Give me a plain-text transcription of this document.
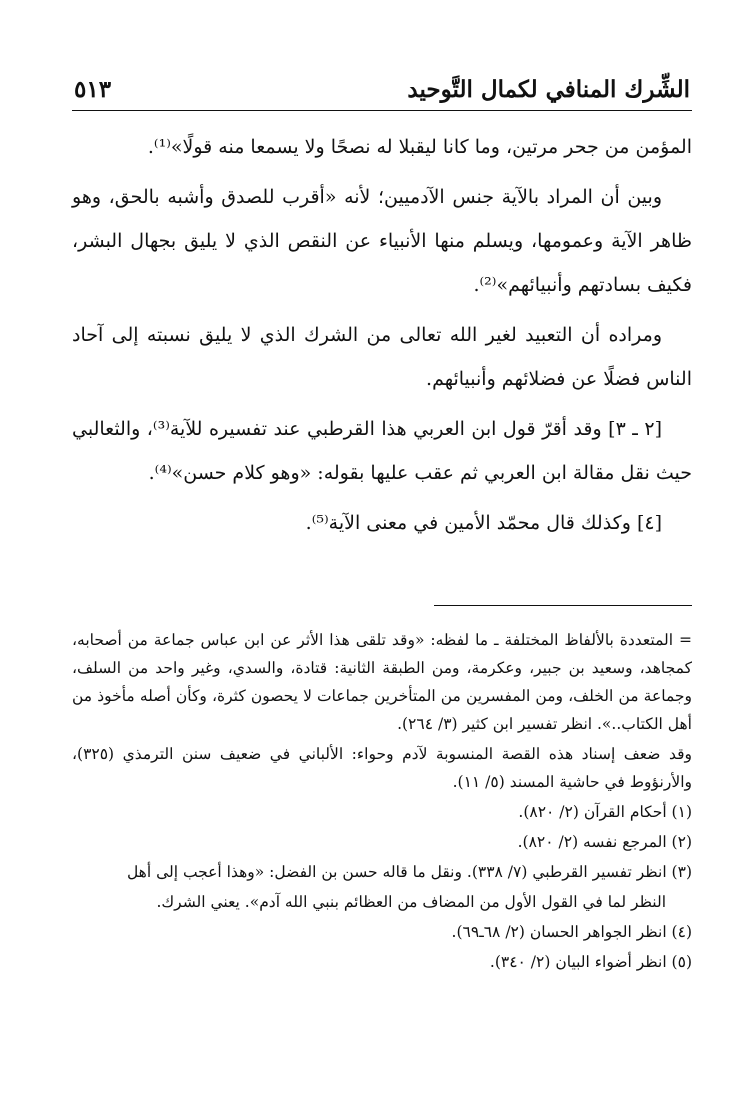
الشِّرك المنافي لكمال التَّوحيد
٥١٣

المؤمن من جحر مرتين، وما كانا ليقبلا له نصحًا ولا يسمعا منه قولًا»⁽¹⁾.

وبين أن المراد بالآية جنس الآدميين؛ لأنه «أقرب للصدق وأشبه بالحق، وهو ظاهر الآية وعمومها، ويسلم منها الأنبياء عن النقص الذي لا يليق بجهال البشر، فكيف بسادتهم وأنبيائهم»⁽²⁾.

ومراده أن التعبيد لغير الله تعالى من الشرك الذي لا يليق نسبته إلى آحاد الناس فضلًا عن فضلائهم وأنبيائهم.

[٢ ـ ٣] وقد أقرّ قول ابن العربي هذا القرطبي عند تفسيره للآية⁽³⁾، والثعالبي حيث نقل مقالة ابن العربي ثم عقب عليها بقوله: «وهو كلام حسن»⁽⁴⁾.

[٤] وكذلك قال محمّد الأمين في معنى الآية⁽⁵⁾.

= المتعددة بالألفاظ المختلفة ـ ما لفظه: «وقد تلقى هذا الأثر عن ابن عباس جماعة من أصحابه، كمجاهد، وسعيد بن جبير، وعكرمة، ومن الطبقة الثانية: قتادة، والسدي، وغير واحد من السلف، وجماعة من الخلف، ومن المفسرين من المتأخرين جماعات لا يحصون كثرة، وكأن أصله مأخوذ من أهل الكتاب..». انظر تفسير ابن كثير (٣/ ٢٦٤).

وقد ضعف إسناد هذه القصة المنسوبة لآدم وحواء: الألباني في ضعيف سنن الترمذي (٣٢٥)، والأرنؤوط في حاشية المسند (٥/ ١١).

(١) أحكام القرآن (٢/ ٨٢٠).

(٢) المرجع نفسه (٢/ ٨٢٠).

(٣) انظر تفسير القرطبي (٧/ ٣٣٨). ونقل ما قاله حسن بن الفضل: «وهذا أعجب إلى أهل

النظر لما في القول الأول من المضاف من العظائم بنبي الله آدم». يعني الشرك.

(٤) انظر الجواهر الحسان (٢/ ٦٨ـ٦٩).

(٥) انظر أضواء البيان (٢/ ٣٤٠).
